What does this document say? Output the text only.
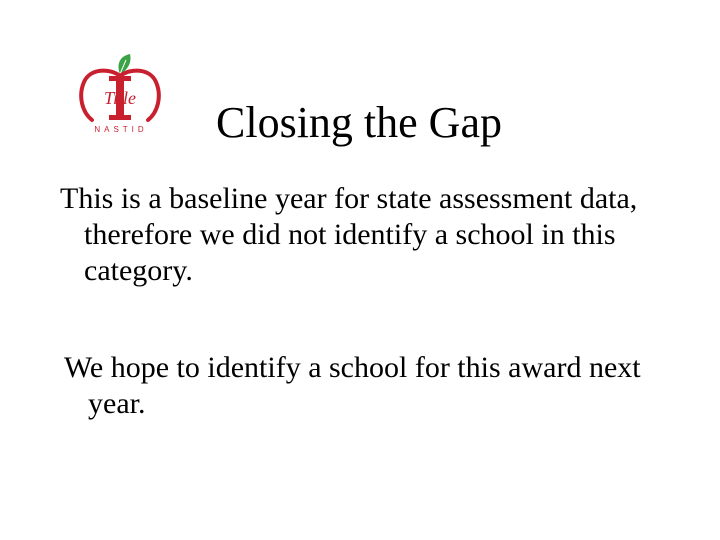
Title
NASTID Closing the Gap

This is a baseline year for state assessment data, therefore we did not identify a school in this category.

We hope to identify a school for this award next year.
